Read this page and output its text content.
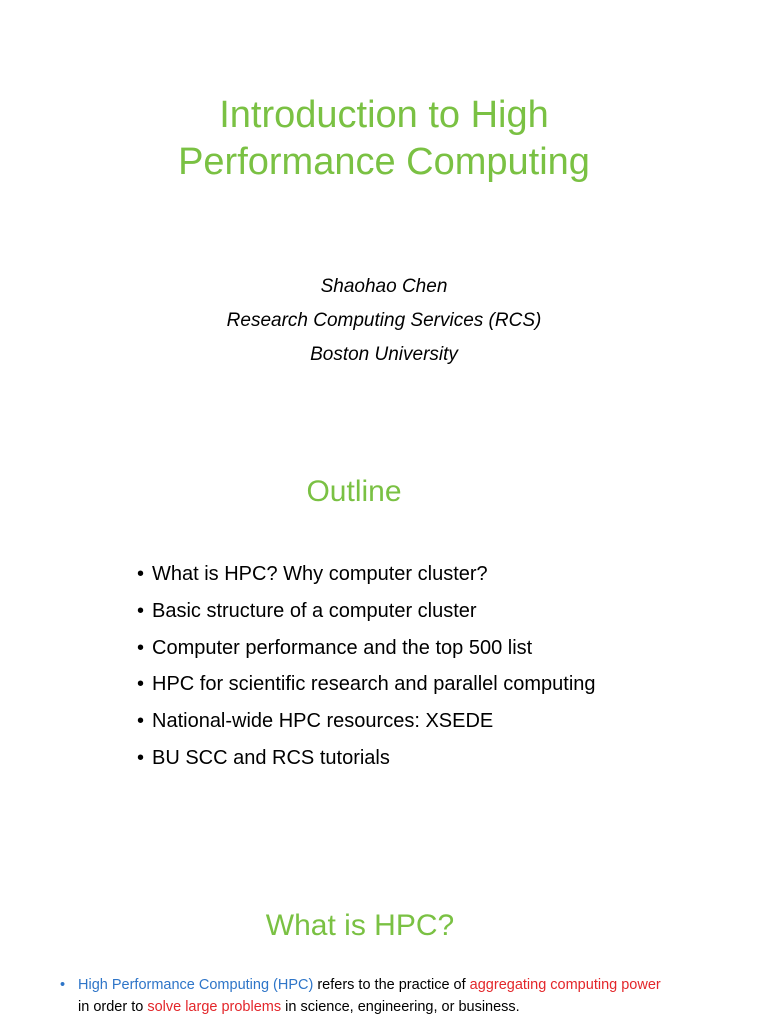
Introduction to High
Performance Computing
Shaohao Chen
Research Computing Services (RCS)
Boston University
Outline
• What is HPC? Why computer cluster?
• Basic structure of a computer cluster
• Computer performance and the top 500 list
• HPC for scientific research and parallel computing
• National-wide HPC resources: XSEDE
• BU SCC and RCS tutorials
What is HPC?
• High Performance Computing (HPC) refers to the practice of aggregating computing power
in order to solve large problems in science, engineering, or business.
